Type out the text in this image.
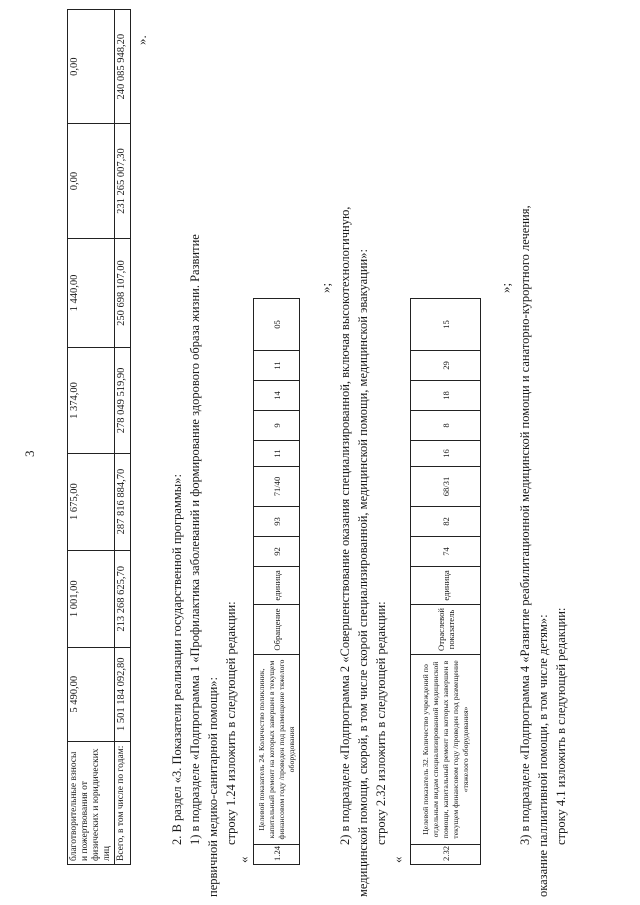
3
благотворительные взносы и пожертвования от физических и юридических лиц	5 490,00	1 001,00	1 675,00	1 374,00	1 440,00	0,00	0,00
Всего, в том числе по годам:	1 501 184 092,80	213 268 625,70	287 816 884,70	278 049 519,90	250 698 107,00	231 265 007,30	240 085 948,20 ».
2. В раздел «3. Показатели реализации государственной программы»: 1) в подразделе «Подпрограмма 1 «Профилактика заболеваний и формирование здорового образа жизни. Развитие первичной медико-санитарной помощи»: строку 1.24 изложить в следующей редакции:
« 1.24	Целевой показатель 24. Количество поликлиник, капитальный ремонт на которых завершен в текущем финансовом году /проведен под размещение тяжелого оборудования	Обращение	единица	92	93	71/40	11	9	14	11	05
»; 2) в подразделе «Подпрограмма 2 «Совершенствование оказания специализированной, включая высокотехнологичную, медицинской помощи, скорой, в том числе скорой специализированной, медицинской помощи, медицинской эвакуации»: строку 2.32 изложить в следующей редакции:
«	2.32	Целевой показатель 32. Количество учреждений по отдельным видам специализированной медицинской помощи, капитальный ремонт на которых завершен в текущем финансовом году /проведен под размещение «тяжелого оборудования»	Отраслевой показатель	единица	74	82	68/31	16	8	18	29	15
»; 3) в подразделе «Подпрограмма 4 «Развитие реабилитационной медицинской помощи и санаторно-курортного лечения, оказание паллиативной помощи, в том числе детям»: строку 4.1 изложить в следующей редакции:
